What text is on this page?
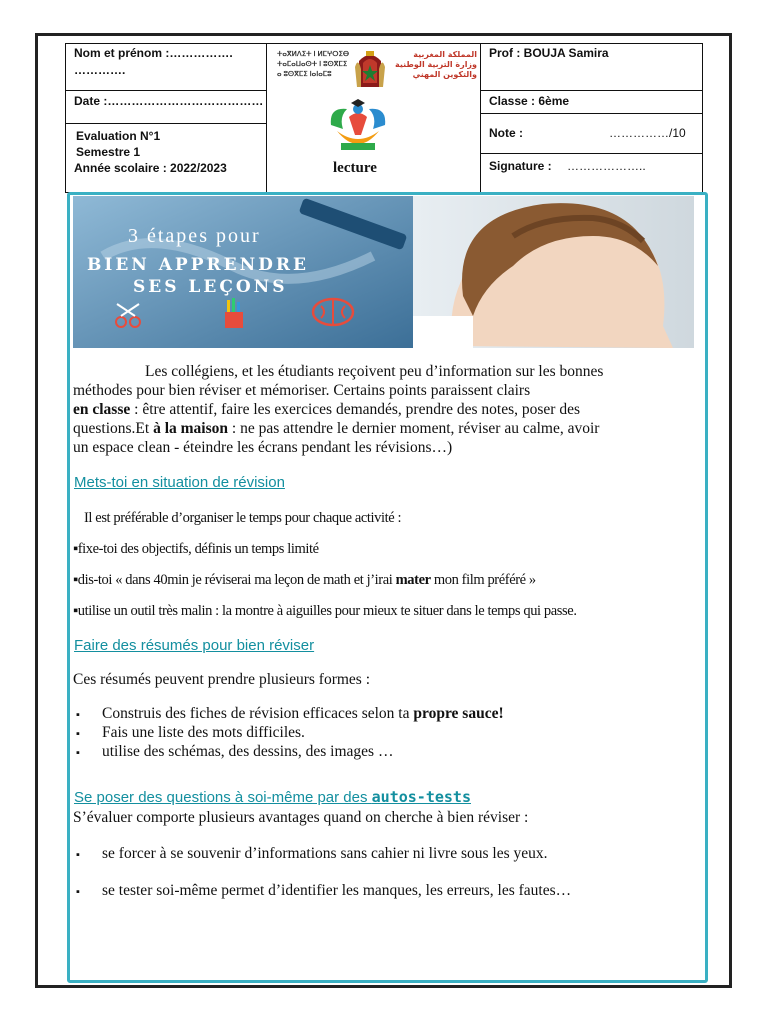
Nom et prénom :…………….
………….
Date :…………………………………
Evaluation N°1
Semestre 1
Année scolaire : 2022/2023
Prof : BOUJA Samira
Classe : 6ème
Note :	……………/10
Signature : ………………..
ⵜⴰⴳⵍⴷⵉⵜ ⵏ ⵍⵎⵖⵔⵉⴱ
ⵜⴰⵎⴰⵡⴰⵙⵜ ⵏ ⵓⵙⴳⵎⵉ
ⴰ ⵓⵙⴳⵎⵉ ⵏⴰⵏⴰⵎⵓ
المملكة المغربية
وزارة التربية الوطنية
والتكوين المهني
lecture
3 étapes pour
BIEN APPRENDRE
SES LEÇONS
Les collégiens, et les étudiants reçoivent peu d’information sur les bonnes
méthodes pour bien réviser et mémoriser. Certains points paraissent clairs
en classe : être attentif, faire les exercices demandés, prendre des notes, poser des
questions.Et à la maison : ne pas attendre le dernier moment, réviser au calme, avoir
un espace clean - éteindre les écrans pendant les révisions…)
Mets-toi en situation de révision
Il est préférable d’organiser le temps pour chaque activité :
▪fixe-toi des objectifs, définis un temps limité
▪dis-toi « dans 40min je réviserai ma leçon de math et j’irai mater mon film préféré »
▪utilise un outil très malin : la montre à aiguilles pour mieux te situer dans le temps qui passe.
Faire des résumés pour bien réviser
Ces résumés peuvent prendre plusieurs formes :
▪ Construis des fiches de révision efficaces selon ta propre sauce!
▪ Fais une liste des mots difficiles.
▪ utilise des schémas, des dessins, des images …
Se poser des questions à soi-même par des autos-tests
S’évaluer comporte plusieurs avantages quand on cherche à bien réviser :
▪ se forcer à se souvenir d’informations sans cahier ni livre sous les yeux.
▪ se tester soi-même permet d’identifier les manques, les erreurs, les fautes…
